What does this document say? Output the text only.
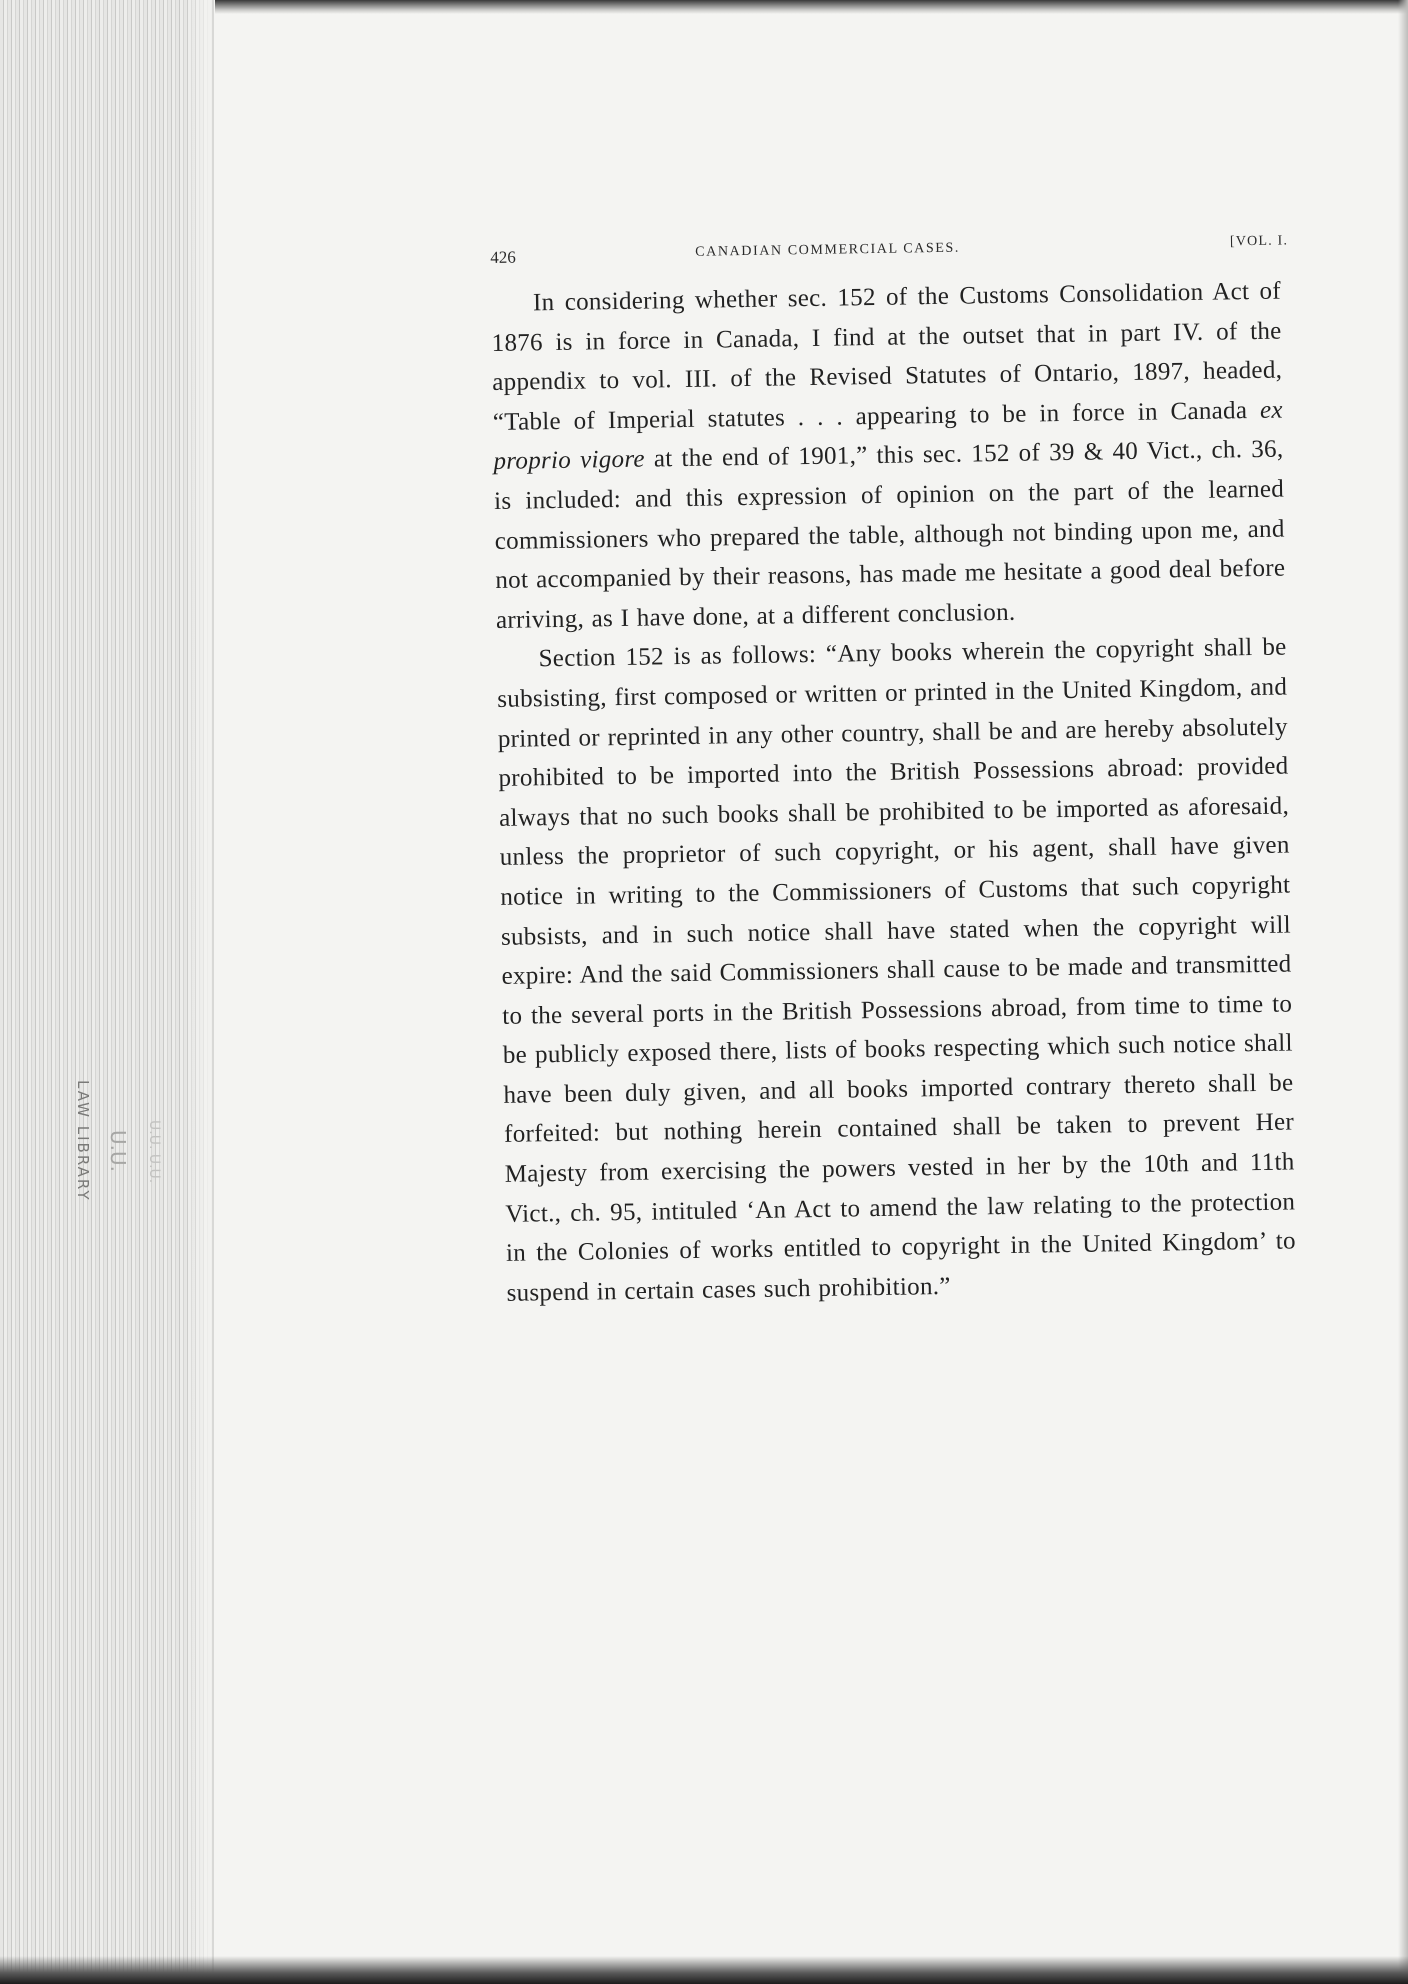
LAW LIBRARY U.U. U.U. U.U.
426	CANADIAN COMMERCIAL CASES.	[VOL. I.

In considering whether sec. 152 of the Customs Consolidation Act of 1876 is in force in Canada, I find at the outset that in part IV. of the appendix to vol. III. of the Revised Statutes of Ontario, 1897, headed, “Table of Imperial statutes . . . appearing to be in force in Canada ex proprio vigore at the end of 1901,” this sec. 152 of 39 & 40 Vict., ch. 36, is included: and this expression of opinion on the part of the learned commissioners who prepared the table, although not binding upon me, and not accompanied by their reasons, has made me hesitate a good deal before arriving, as I have done, at a different conclusion.

Section 152 is as follows: “Any books wherein the copyright shall be subsisting, first composed or written or printed in the United Kingdom, and printed or reprinted in any other country, shall be and are hereby absolutely prohibited to be imported into the British Possessions abroad: provided always that no such books shall be prohibited to be imported as aforesaid, unless the proprietor of such copyright, or his agent, shall have given notice in writing to the Commissioners of Customs that such copyright subsists, and in such notice shall have stated when the copyright will expire: And the said Commissioners shall cause to be made and transmitted to the several ports in the British Possessions abroad, from time to time to be publicly exposed there, lists of books respecting which such notice shall have been duly given, and all books imported contrary thereto shall be forfeited: but nothing herein contained shall be taken to prevent Her Majesty from exercising the powers vested in her by the 10th and 11th Vict., ch. 95, intituled ‘An Act to amend the law relating to the protection in the Colonies of works entitled to copyright in the United Kingdom’ to suspend in certain cases such prohibition.”
